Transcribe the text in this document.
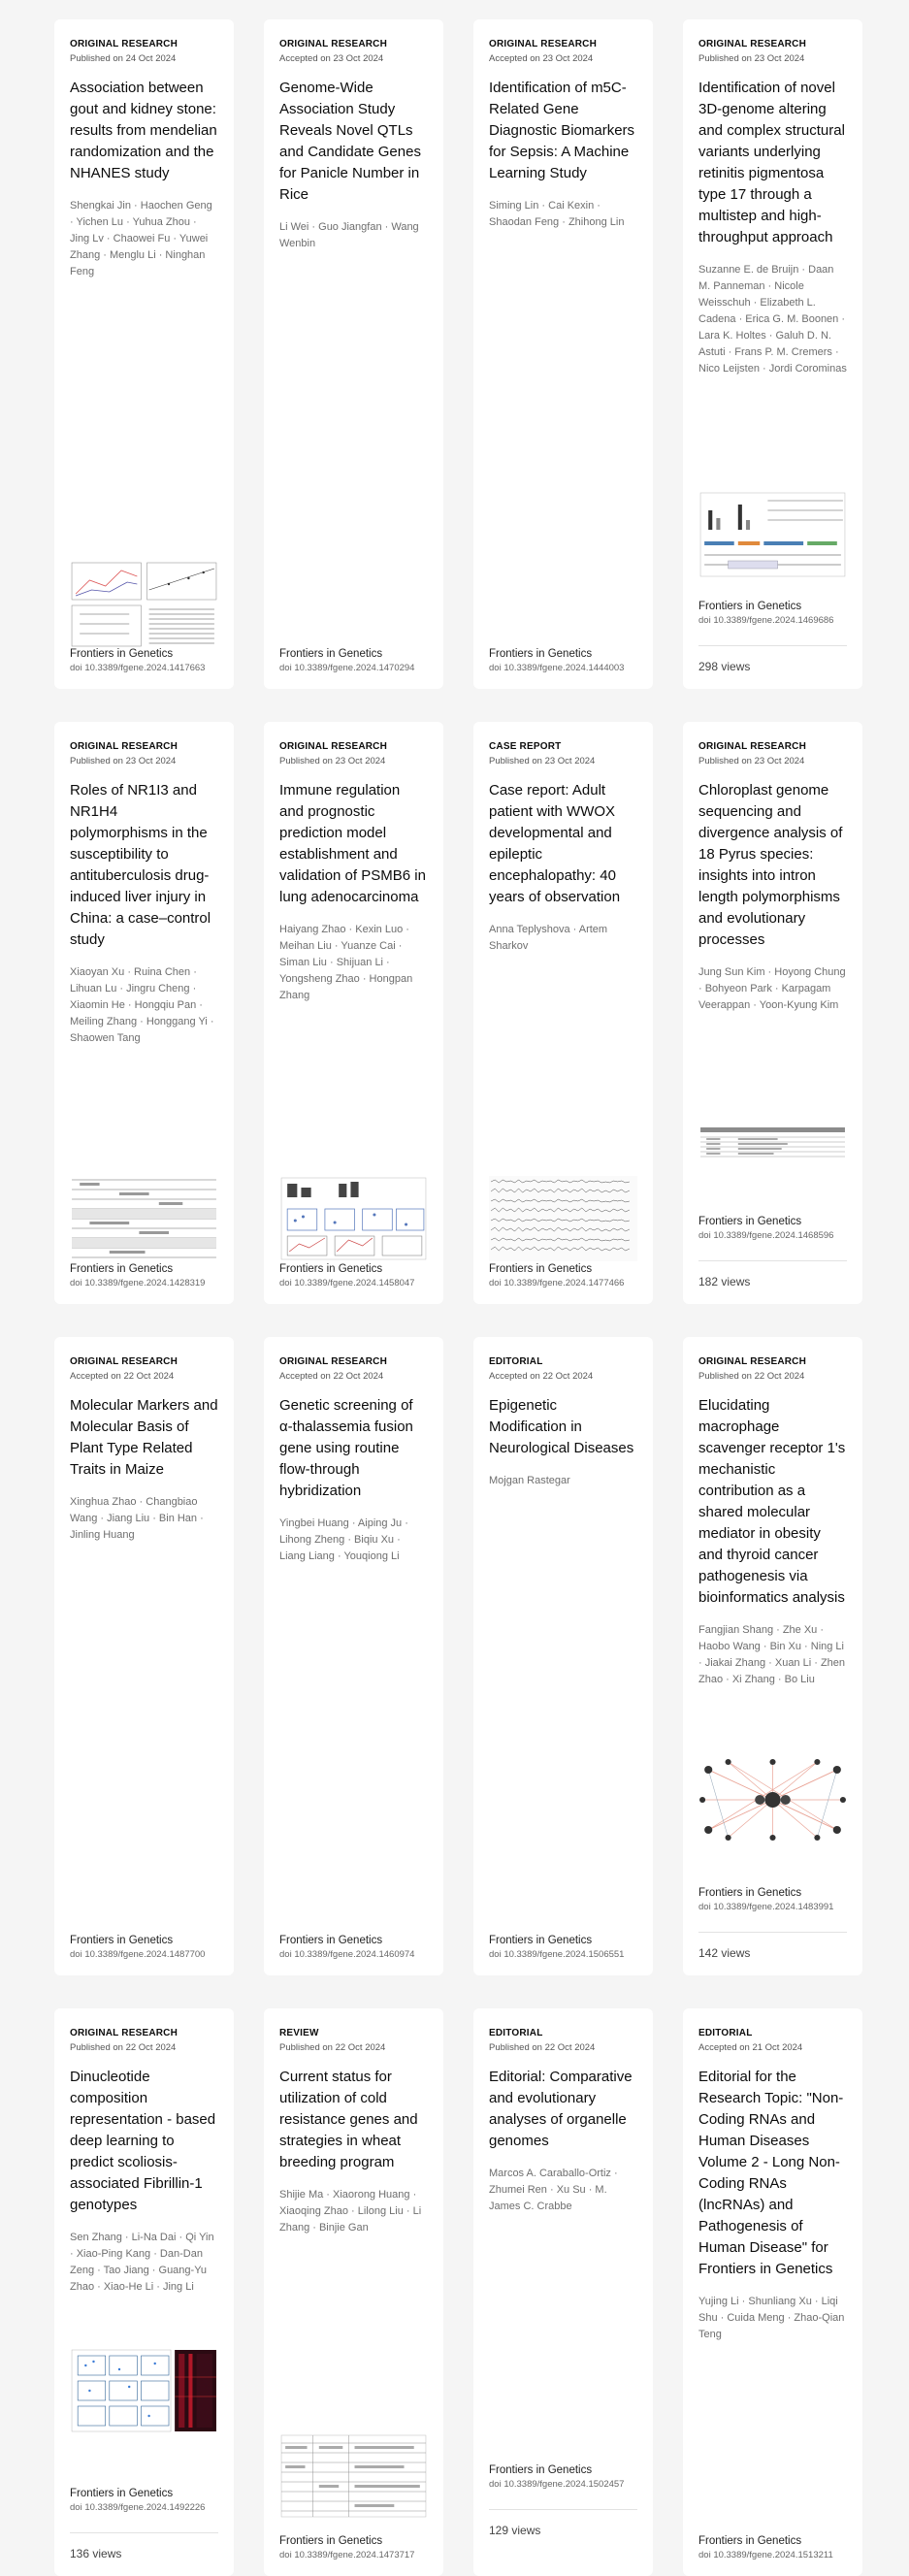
ORIGINAL RESEARCH
Published on 24 Oct 2024
Association between gout and kidney stone: results from mendelian randomization and the NHANES study
Shengkai Jin · Haochen Geng · Yichen Lu · Yuhua Zhou · Jing Lv · Chaowei Fu · Yuwei Zhang · Menglu Li · Ninghan Feng
Frontiers in Genetics
doi 10.3389/fgene.2024.1417663
ORIGINAL RESEARCH
Accepted on 23 Oct 2024
Genome-Wide Association Study Reveals Novel QTLs and Candidate Genes for Panicle Number in Rice
Li Wei · Guo Jiangfan · Wang Wenbin
Frontiers in Genetics
doi 10.3389/fgene.2024.1470294
ORIGINAL RESEARCH
Accepted on 23 Oct 2024
Identification of m5C-Related Gene Diagnostic Biomarkers for Sepsis: A Machine Learning Study
Siming Lin · Cai Kexin · Shaodan Feng · Zhihong Lin
Frontiers in Genetics
doi 10.3389/fgene.2024.1444003
ORIGINAL RESEARCH
Published on 23 Oct 2024
Identification of novel 3D-genome altering and complex structural variants underlying retinitis pigmentosa type 17 through a multistep and high-throughput approach
Suzanne E. de Bruijn · Daan M. Panneman · Nicole Weisschuh · Elizabeth L. Cadena · Erica G. M. Boonen · Lara K. Holtes · Galuh D. N. Astuti · Frans P. M. Cremers · Nico Leijsten · Jordi Corominas
Frontiers in Genetics
doi 10.3389/fgene.2024.1469686
298 views
ORIGINAL RESEARCH
Published on 23 Oct 2024
Roles of NR1I3 and NR1H4 polymorphisms in the susceptibility to antituberculosis drug-induced liver injury in China: a case–control study
Xiaoyan Xu · Ruina Chen · Lihuan Lu · Jingru Cheng · Xiaomin He · Hongqiu Pan · Meiling Zhang · Honggang Yi · Shaowen Tang
Frontiers in Genetics
doi 10.3389/fgene.2024.1428319
ORIGINAL RESEARCH
Published on 23 Oct 2024
Immune regulation and prognostic prediction model establishment and validation of PSMB6 in lung adenocarcinoma
Haiyang Zhao · Kexin Luo · Meihan Liu · Yuanze Cai · Siman Liu · Shijuan Li · Yongsheng Zhao · Hongpan Zhang
Frontiers in Genetics
doi 10.3389/fgene.2024.1458047
CASE REPORT
Published on 23 Oct 2024
Case report: Adult patient with WWOX developmental and epileptic encephalopathy: 40 years of observation
Anna Teplyshova · Artem Sharkov
Frontiers in Genetics
doi 10.3389/fgene.2024.1477466
ORIGINAL RESEARCH
Published on 23 Oct 2024
Chloroplast genome sequencing and divergence analysis of 18 Pyrus species: insights into intron length polymorphisms and evolutionary processes
Jung Sun Kim · Hoyong Chung · Bohyeon Park · Karpagam Veerappan · Yoon-Kyung Kim
Frontiers in Genetics
doi 10.3389/fgene.2024.1468596
182 views
ORIGINAL RESEARCH
Accepted on 22 Oct 2024
Molecular Markers and Molecular Basis of Plant Type Related Traits in Maize
Xinghua Zhao · Changbiao Wang · Jiang Liu · Bin Han · Jinling Huang
Frontiers in Genetics
doi 10.3389/fgene.2024.1487700
ORIGINAL RESEARCH
Accepted on 22 Oct 2024
Genetic screening of α-thalassemia fusion gene using routine flow-through hybridization
Yingbei Huang · Aiping Ju · Lihong Zheng · Biqiu Xu · Liang Liang · Youqiong Li
Frontiers in Genetics
doi 10.3389/fgene.2024.1460974
EDITORIAL
Accepted on 22 Oct 2024
Epigenetic Modification in Neurological Diseases
Mojgan Rastegar
Frontiers in Genetics
doi 10.3389/fgene.2024.1506551
ORIGINAL RESEARCH
Published on 22 Oct 2024
Elucidating macrophage scavenger receptor 1's mechanistic contribution as a shared molecular mediator in obesity and thyroid cancer pathogenesis via bioinformatics analysis
Fangjian Shang · Zhe Xu · Haobo Wang · Bin Xu · Ning Li · Jiakai Zhang · Xuan Li · Zhen Zhao · Xi Zhang · Bo Liu
Frontiers in Genetics
doi 10.3389/fgene.2024.1483991
142 views
ORIGINAL RESEARCH
Published on 22 Oct 2024
Dinucleotide composition representation - based deep learning to predict scoliosis-associated Fibrillin-1 genotypes
Sen Zhang · Li-Na Dai · Qi Yin · Xiao-Ping Kang · Dan-Dan Zeng · Tao Jiang · Guang-Yu Zhao · Xiao-He Li · Jing Li
Frontiers in Genetics
doi 10.3389/fgene.2024.1492226
136 views
REVIEW
Published on 22 Oct 2024
Current status for utilization of cold resistance genes and strategies in wheat breeding program
Shijie Ma · Xiaorong Huang · Xiaoqing Zhao · Lilong Liu · Li Zhang · Binjie Gan
Frontiers in Genetics
doi 10.3389/fgene.2024.1473717
EDITORIAL
Published on 22 Oct 2024
Editorial: Comparative and evolutionary analyses of organelle genomes
Marcos A. Caraballo-Ortiz · Zhumei Ren · Xu Su · M. James C. Crabbe
Frontiers in Genetics
doi 10.3389/fgene.2024.1502457
129 views
EDITORIAL
Accepted on 21 Oct 2024
Editorial for the Research Topic: "Non-Coding RNAs and Human Diseases Volume 2 - Long Non-Coding RNAs (lncRNAs) and Pathogenesis of Human Disease" for Frontiers in Genetics
Yujing Li · Shunliang Xu · Liqi Shu · Cuida Meng · Zhao-Qian Teng
Frontiers in Genetics
doi 10.3389/fgene.2024.1513211
